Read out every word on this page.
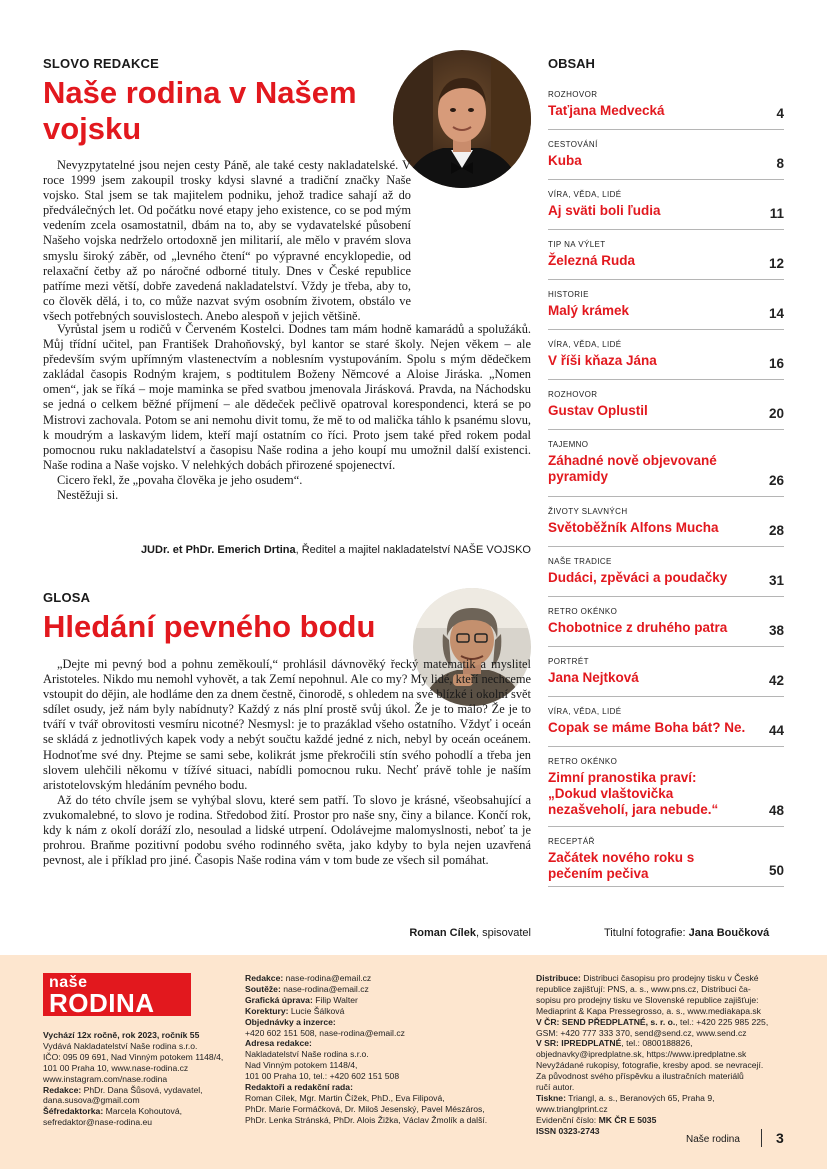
SLOVO REDAKCE
Naše rodina v Našem vojsku

Nevyzpytatelné jsou nejen cesty Páně, ale také cesty nakladatelské. V roce 1999 jsem zakoupil trosky kdysi slavné a tradiční značky Naše vojsko. Stal jsem se tak majitelem podniku, jehož tradice sahají až do předválečných let. Od počátku nové etapy jeho existence, co se pod mým vedením zcela osamostatnil, dbám na to, aby se vydavatelské působení Našeho vojska nedrželo ortodoxně jen militarií, ale mělo v pravém slova smyslu široký záběr, od „levného čtení“ po výpravné encyklopedie, od relaxační četby až po náročné odborné tituly. Dnes v České republice patříme mezi větší, dobře zavedená nakladatelství. Vždy je třeba, aby to, co člověk dělá, i to, co může nazvat svým osobním životem, obstálo ve všech potřebných souvislostech. Anebo alespoň v jejich většině.

Vyrůstal jsem u rodičů v Červeném Kostelci. Dodnes tam mám hodně kamarádů a spolužáků. Můj třídní učitel, pan František Drahoňovský, byl kantor se staré školy. Nejen věkem – ale především svým upřímným vlastenectvím a noblesním vystupováním. Spolu s mým dědečkem zakládal časopis Rodným krajem, s podtitulem Boženy Němcové a Aloise Jiráska. „Nomen omen“, jak se říká – moje maminka se před svatbou jmenovala Jirásková. Pravda, na Náchodsku se jedná o celkem běžné příjmení – ale dědeček pečlivě opatroval korespondenci, která se po Mistrovi zachovala. Potom se ani nemohu divit tomu, že mě to od malička táhlo k psanému slovu, k moudrým a laskavým lidem, kteří mají ostatním co říci. Proto jsem také před rokem podal pomocnou ruku nakladatelství a časopisu Naše rodina a jeho koupí mu umožnil další existenci. Naše rodina a Naše vojsko. V nelehkých dobách přirozené spojenectví.

Cicero řekl, že „povaha člověka je jeho osudem“.

Nestěžuji si.

JUDr. et PhDr. Emerich Drtina, Ředitel a majitel nakladatelství NAŠE VOJSKO
GLOSA
Hledání pevného bodu

„Dejte mi pevný bod a pohnu zeměkoulí,“ prohlásil dávnověký řecký matematik a myslitel Aristoteles. Nikdo mu nemohl vyhovět, a tak Zemí nepohnul. Ale co my? My lidé, kteří nechceme vstoupit do dějin, ale hodláme den za dnem čestně, činorodě, s ohledem na své blízké i okolní svět sdílet osudy, jež nám byly nabídnuty? Každý z nás plní prostě svůj úkol. Že je to málo? Že je to tváří v tvář obrovitosti vesmíru nicotné? Nesmysl: je to prazáklad všeho ostatního. Vždyť i oceán se skládá z jednotlivých kapek vody a nebýt součtu každé jedné z nich, nebyl by oceán oceánem. Hodnoťme své dny. Ptejme se sami sebe, kolikrát jsme překročili stín svého pohodlí a třeba jen slovem ulehčili někomu v tížívé situaci, nabídli pomocnou ruku. Nechť právě tohle je naším aristotelovským hledáním pevného bodu.

Až do této chvíle jsem se vyhýbal slovu, které sem patří. To slovo je krásné, všeobsahující a zvukomalebné, to slovo je rodina. Středobod žití. Prostor pro naše sny, činy a bilance. Končí rok, kdy k nám z okolí doráží zlo, nesoulad a lidské utrpení. Odolávejme malomyslnosti, neboť ta je prohrou. Braňme pozitivní podobu svého rodinného světa, jako kdyby to byla nejen uzavřená pevnost, ale i příklad pro jiné. Časopis Naše rodina vám v tom bude ze všech sil pomáhat.

Roman Cílek, spisovatel
OBSAH
ROZHOVOR
Taťjana Medvecká	4
CESTOVÁNÍ
Kuba	8
VÍRA, VĚDA, LIDÉ
Aj sväti boli ľudia	11
TIP NA VÝLET
Železná Ruda	12
HISTORIE
Malý krámek	14
VÍRA, VĚDA, LIDÉ
V říši kňaza Jána	16
ROZHOVOR
Gustav Oplustil	20
TAJEMNO
Záhadné nově objevované pyramidy	26
ŽIVOTY SLAVNÝCH
Světoběžník Alfons Mucha	28
NAŠE TRADICE
Dudáci, zpěváci a poudačky	31
RETRO OKÉNKO
Chobotnice z druhého patra	38
PORTRÉT
Jana Nejtková	42
VÍRA, VĚDA, LIDÉ
Copak se máme Boha bát? Ne. 44
RETRO OKÉNKO
Zimní pranostika praví: „Dokud vlaštovička nezašveholí, jara nebude.“	48
RECEPTÁŘ
Začátek nového roku s pečením pečiva	50
Titulní fotografie: Jana Boučková
naše
RODINA
Vychází 12x ročně, rok 2023, ročník 55
Vydává Nakladatelství Naše rodina s.r.o.
IČO: 095 09 691, Nad Vinným potokem 1148/4,
101 00 Praha 10, www.nase-rodina.cz
www.instagram.com/nase.rodina
Redakce: PhDr. Dana Šůsová, vydavatel,
dana.susova@gmail.com
Šéfredaktorka: Marcela Kohoutová,
sefredaktor@nase-rodina.eu
Redakce: nase-rodina@email.cz
Soutěže: nase-rodina@email.cz
Grafická úprava: Filip Walter
Korektury: Lucie Šálková
Objednávky a inzerce:
+420 602 151 508, nase-rodina@email.cz
Adresa redakce:
Nakladatelství Naše rodina s.r.o.
Nad Vinným potokem 1148/4,
101 00 Praha 10, tel.: +420 602 151 508
Redaktoři a redakční rada:
Roman Cílek, Mgr. Martin Čížek, PhD., Eva Filipová,
PhDr. Marie Formáčková, Dr. Miloš Jesenský, Pavel Mészáros,
PhDr. Lenka Stránská, PhDr. Alois Žižka, Václav Žmolík a další.
Distribuce: Distribuci časopisu pro prodejny tisku v České
republice zajišťují: PNS, a. s., www.pns.cz, Distribuci ča-
sopisu pro prodejny tisku ve Slovenské republice zajišťuje:
Mediaprint & Kapa Pressegrosso, a. s., www.mediakapa.sk
V ČR: SEND PŘEDPLATNÉ, s. r. o., tel.: +420 225 985 225,
GSM: +420 777 333 370, send@send.cz, www.send.cz
V SR: IPREDPLATNÉ, tel.: 0800188826,
objednavky@ipredplatne.sk, https://www.ipredplatne.sk
Nevyžádané rukopisy, fotografie, kresby apod. se nevracejí.
Za původnost svého příspěvku a ilustračních materiálů
ručí autor.
Tiskne: Triangl, a. s., Beranových 65, Praha 9,
www.trianglprint.cz
Evidenční číslo: MK ČR E 5035
ISSN 0323-2743
Naše rodina	3
